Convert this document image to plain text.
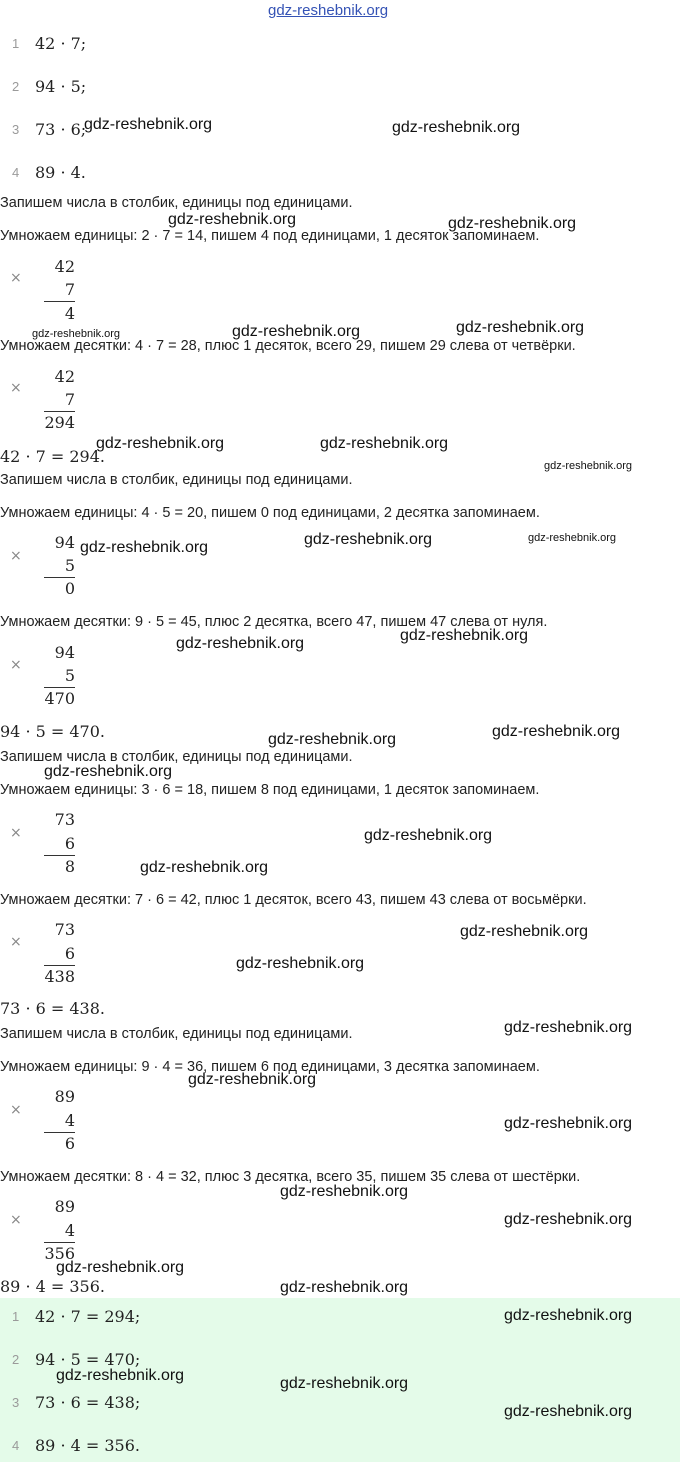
gdz-reshebnik.org
1 42 · 7;
2 94 · 5;
3 73 · 6;
4 89 · 4.
Запишем числа в столбик, единицы под единицами.
Умножаем единицы: 2 · 7 = 14, пишем 4 под единицами, 1 десяток запоминаем.
×
42
7
4
Умножаем десятки: 4 · 7 = 28, плюс 1 десяток, всего 29, пишем 29 слева от четвёрки.
×
42
7
294
42 · 7 = 294.
Запишем числа в столбик, единицы под единицами.
Умножаем единицы: 4 · 5 = 20, пишем 0 под единицами, 2 десятка запоминаем.
×
94
5
0
Умножаем десятки: 9 · 5 = 45, плюс 2 десятка, всего 47, пишем 47 слева от нуля.
×
94
5
470
94 · 5 = 470.
Запишем числа в столбик, единицы под единицами.
Умножаем единицы: 3 · 6 = 18, пишем 8 под единицами, 1 десяток запоминаем.
×
73
6
8
Умножаем десятки: 7 · 6 = 42, плюс 1 десяток, всего 43, пишем 43 слева от восьмёрки.
×
73
6
438
73 · 6 = 438.
Запишем числа в столбик, единицы под единицами.
Умножаем единицы: 9 · 4 = 36, пишем 6 под единицами, 3 десятка запоминаем.
×
89
4
6
Умножаем десятки: 8 · 4 = 32, плюс 3 десятка, всего 35, пишем 35 слева от шестёрки.
×
89
4
356
89 · 4 = 356.
1 42 · 7 = 294;
2 94 · 5 = 470;
3 73 · 6 = 438;
4 89 · 4 = 356.
gdz-reshebnik.org	gdz-reshebnik.org
gdz-reshebnik.org	gdz-reshebnik.org
gdz-reshebnik.org	gdz-reshebnik.org	gdz-reshebnik.org
gdz-reshebnik.org	gdz-reshebnik.org
gdz-reshebnik.org
gdz-reshebnik.org	gdz-reshebnik.org	gdz-reshebnik.org
gdz-reshebnik.org
gdz-reshebnik.org
gdz-reshebnik.org
gdz-reshebnik.org
gdz-reshebnik.org
gdz-reshebnik.org
gdz-reshebnik.org
gdz-reshebnik.org
gdz-reshebnik.org
gdz-reshebnik.org
gdz-reshebnik.org
gdz-reshebnik.org
gdz-reshebnik.org
gdz-reshebnik.org
gdz-reshebnik.org
gdz-reshebnik.org
gdz-reshebnik.org
gdz-reshebnik.org	gdz-reshebnik.org
gdz-reshebnik.org
